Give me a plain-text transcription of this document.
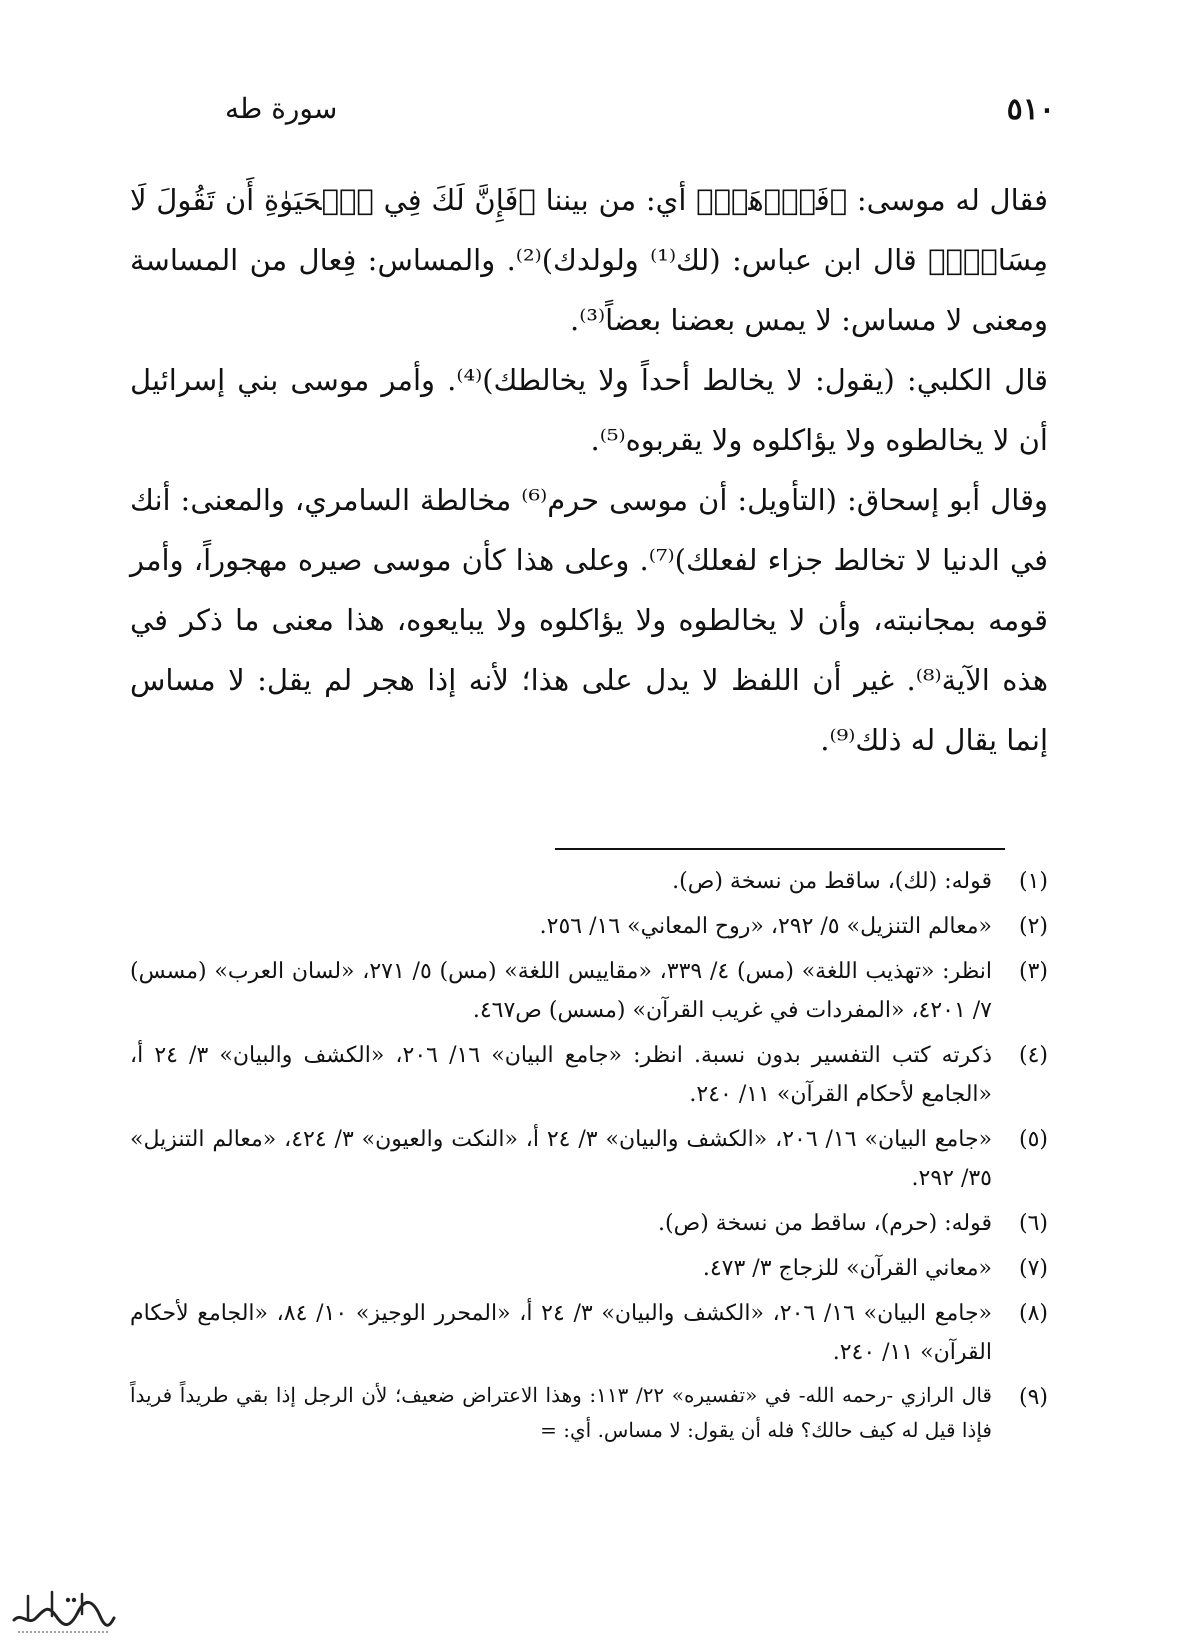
٥١٠
سورة طه

فقال له موسى: ﴿فَٱذۡهَبۡ﴾ أي: من بيننا ﴿فَإِنَّ لَكَ فِي ٱلۡحَيَوٰةِ أَن تَقُولَ لَا مِسَاسَۖ﴾ قال ابن عباس: (لك⁽¹⁾ ولولدك)⁽²⁾. والمساس: فِعال من المساسة ومعنى لا مساس: لا يمس بعضنا بعضاً⁽³⁾.

قال الكلبي: (يقول: لا يخالط أحداً ولا يخالطك)⁽⁴⁾. وأمر موسى بني إسرائيل أن لا يخالطوه ولا يؤاكلوه ولا يقربوه⁽⁵⁾.

وقال أبو إسحاق: (التأويل: أن موسى حرم⁽⁶⁾ مخالطة السامري، والمعنى: أنك في الدنيا لا تخالط جزاء لفعلك)⁽⁷⁾. وعلى هذا كأن موسى صيره مهجوراً، وأمر قومه بمجانبته، وأن لا يخالطوه ولا يؤاكلوه ولا يبايعوه، هذا معنى ما ذكر في هذه الآية⁽⁸⁾. غير أن اللفظ لا يدل على هذا؛ لأنه إذا هجر لم يقل: لا مساس إنما يقال له ذلك⁽⁹⁾.

(١)
قوله: (لك)، ساقط من نسخة (ص).
(٢)
«معالم التنزيل» ٥/ ٢٩٢، «روح المعاني» ١٦/ ٢٥٦.
(٣)
انظر: «تهذيب اللغة» (مس) ٤/ ٣٣٩، «مقاييس اللغة» (مس) ٥/ ٢٧١، «لسان العرب» (مسس) ٧/ ٤٢٠١، «المفردات في غريب القرآن» (مسس) ص٤٦٧.
(٤)
ذكرته كتب التفسير بدون نسبة. انظر: «جامع البيان» ١٦/ ٢٠٦، «الكشف والبيان» ٣/ ٢٤ أ، «الجامع لأحكام القرآن» ١١/ ٢٤٠.
(٥)
«جامع البيان» ١٦/ ٢٠٦، «الكشف والبيان» ٣/ ٢٤ أ، «النكت والعيون» ٣/ ٤٢٤، «معالم التنزيل» ٣٥/ ٢٩٢.
(٦)
قوله: (حرم)، ساقط من نسخة (ص).
(٧)
«معاني القرآن» للزجاج ٣/ ٤٧٣.
(٨)
«جامع البيان» ١٦/ ٢٠٦، «الكشف والبيان» ٣/ ٢٤ أ، «المحرر الوجيز» ١٠/ ٨٤، «الجامع لأحكام القرآن» ١١/ ٢٤٠.
(٩)
قال الرازي -رحمه الله- في «تفسيره» ٢٢/ ١١٣: وهذا الاعتراض ضعيف؛ لأن الرجل إذا بقي طريداً فريداً فإذا قيل له كيف حالك؟ فله أن يقول: لا مساس. أي: =
